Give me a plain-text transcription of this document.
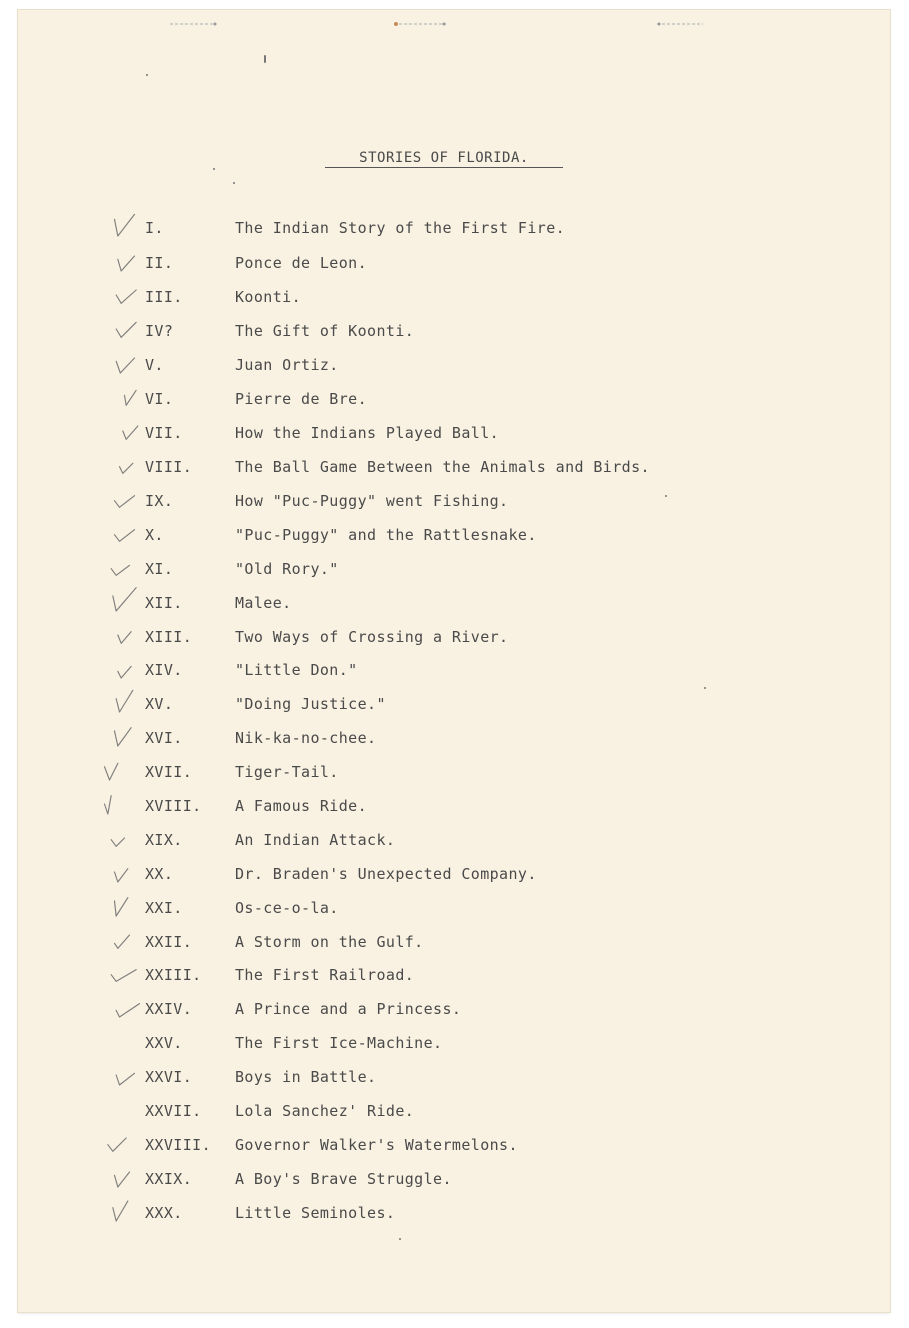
STORIES OF FLORIDA.
I.	The Indian Story of the First Fire.
II.	Ponce de Leon.
III.	Koonti.
IV?	The Gift of Koonti.
V.	Juan Ortiz.
VI.	Pierre de Bre.
VII.	How the Indians Played Ball.
VIII.	The Ball Game Between the Animals and Birds.
IX.	How "Puc-Puggy" went Fishing.
X.	"Puc-Puggy" and the Rattlesnake.
XI.	"Old Rory."
XII.	Malee.
XIII.	Two Ways of Crossing a River.
XIV.	"Little Don."
XV.	"Doing Justice."
XVI.	Nik-ka-no-chee.
XVII.	Tiger-Tail.
XVIII. A Famous Ride.
XIX.	An Indian Attack.
XX.	Dr. Braden's Unexpected Company.
XXI.	Os-ce-o-la.
XXII.	A Storm on the Gulf.
XXIII. The First Railroad.
XXIV.	A Prince and a Princess.
XXV.	The First Ice-Machine.
XXVI.	Boys in Battle.
XXVII. Lola Sanchez' Ride.
XXVIII. Governor Walker's Watermelons.
XXIX.	A Boy's Brave Struggle.
XXX.	Little Seminoles.
